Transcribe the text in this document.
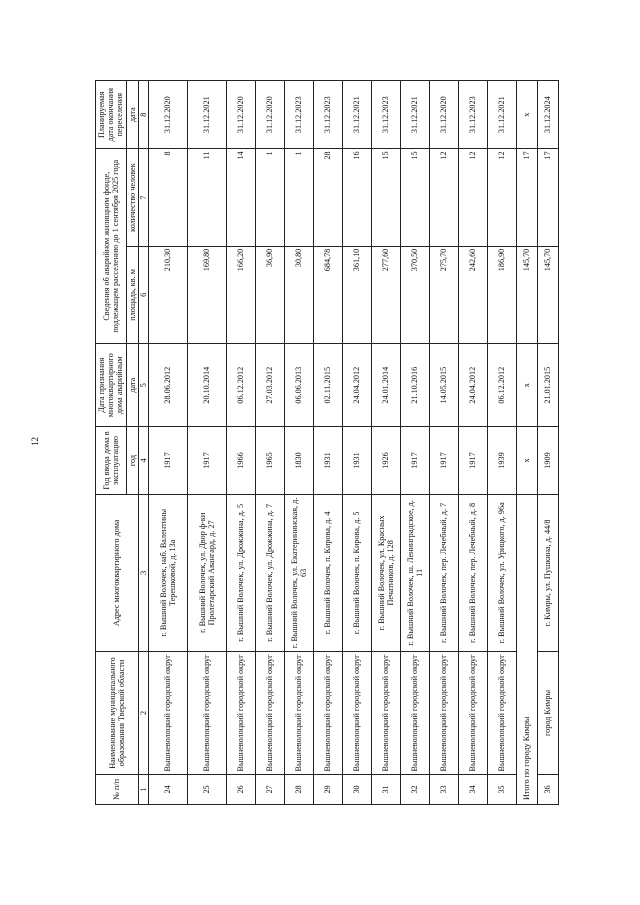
12
№ п/п	Наименование муниципального образования Тверской области	Адрес многоквартирного дома	Год ввода дома в эксплуатацию	Дата признания многоквартирного дома аварийным	Сведения об аварийном жилищном фонде, подлежащем расселению до 1 сентября 2025 года		Планируемая дата окончания переселения
			год	дата	площадь, кв. м	количество человек	дата
1	2	3	4	5	6	7	8
24	Вышневолоцкий городской округ	г. Вышний Волочек, наб. Валентины Терешковой, д. 13а	1917	28.06.2012	210,30	8	31.12.2020
25	Вышневолоцкий городской округ	г. Вышний Волочек, ул. Двор ф-ки Пролетарский Авангард, д. 27	1917	20.10.2014	169,80	11	31.12.2021
26	Вышневолоцкий городской округ	г. Вышний Волочек, ул. Дрожжина, д. 5	1966	06.12.2012	166,20	14	31.12.2020
27	Вышневолоцкий городской округ	г. Вышний Волочек, ул. Дрожжина, д. 7	1965	27.03.2012	36,90	1	31.12.2020
28	Вышневолоцкий городской округ	г. Вышний Волочек, ул. Екатерининская, д. 63	1830	06.06.2013	30,80	1	31.12.2023
29	Вышневолоцкий городской округ	г. Вышний Волочек, п. Кирова, д. 4	1931	02.11.2015	684,78	28	31.12.2023
30	Вышневолоцкий городской округ	г. Вышний Волочек, п. Кирова, д. 5	1931	24.04.2012	361,10	16	31.12.2021
31	Вышневолоцкий городской округ	г. Вышний Волочек, ул. Красных Печатников, д. 128	1926	24.01.2014	277,60	15	31.12.2023
32	Вышневолоцкий городской округ	г. Вышний Волочек, ш. Ленинградское, д. 11	1917	21.10.2016	370,50	15	31.12.2021
33	Вышневолоцкий городской округ	г. Вышний Волочек, пер. Лечебный, д. 7	1917	14.05.2015	275,70	12	31.12.2020
34	Вышневолоцкий городской округ	г. Вышний Волочек, пер. Лечебный, д. 8	1917	24.04.2012	242,60	12	31.12.2023
35	Вышневолоцкий городской округ	г. Вышний Волочек, ул. Урицкого, д. 96а	1939	06.12.2012	186,90	12	31.12.2021
Итого по городу Кимры			x	x	145,70	17	x
36	город Кимры	г. Кимры, ул. Пушкина, д. 44/8	1909	21.01.2015	145,70	17	31.12.2024
